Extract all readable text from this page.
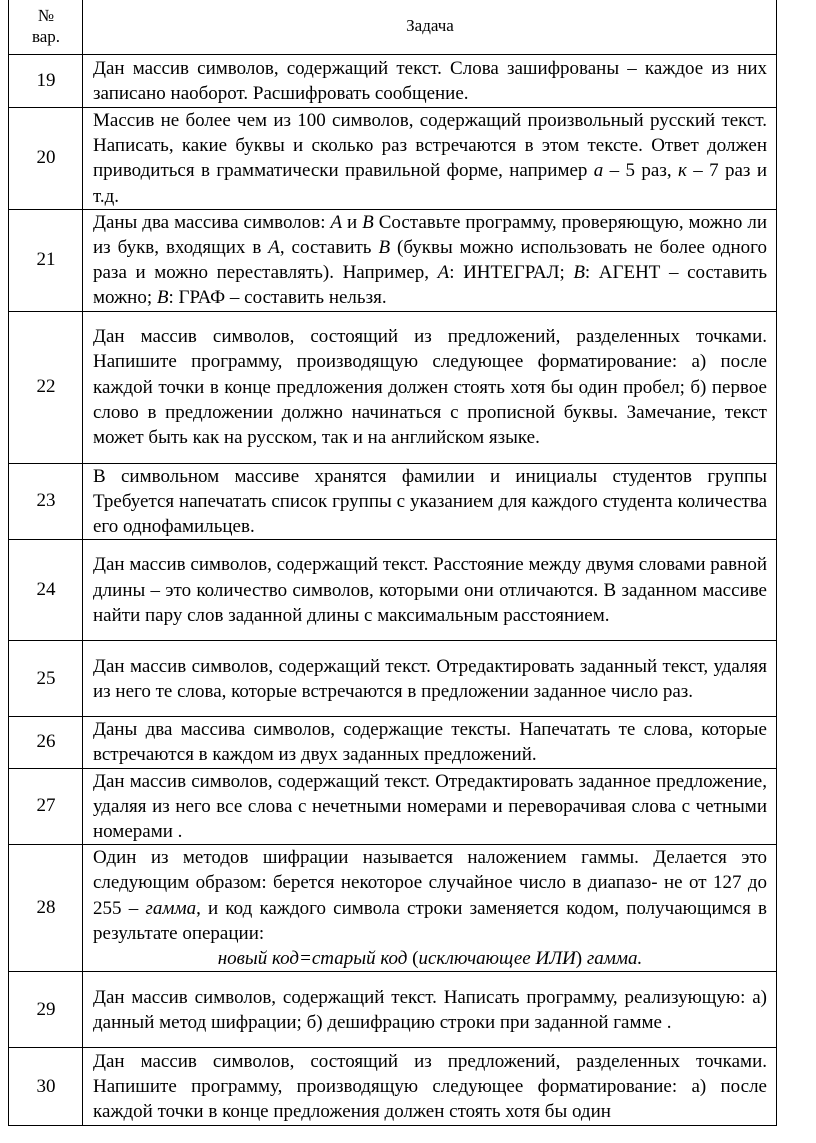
№
вар.	Задача
19	Дан массив символов, содержащий текст. Слова зашифрованы – каждое из них записано наоборот. Расшифровать сообщение.
20	Массив не более чем из 100 символов, содержащий произвольный русский текст. Написать, какие буквы и сколько раз встречаются в этом тексте. Ответ должен приводиться в грамматически правильной форме, например а – 5 раз, к – 7 раз и т.д.
21	Даны два массива символов: A и B Составьте программу, проверяющую, можно ли из букв, входящих в A, составить B (буквы можно использовать не более одного раза и можно переставлять). Например, A: ИНТЕГРАЛ; B: АГЕНТ – составить можно; B: ГРАФ – составить нельзя.
22	Дан массив символов, состоящий из предложений, разделенных точками. Напишите программу, производящую следующее форматирование: а) после каждой точки в конце предложения должен стоять хотя бы один пробел; б) первое слово в предложении должно начинаться с прописной буквы. Замечание, текст может быть как на русском, так и на английском языке.
23	В символьном массиве хранятся фамилии и инициалы студентов группы Требуется напечатать список группы с указанием для каждого студента количества его однофамильцев.
24	Дан массив символов, содержащий текст. Расстояние между двумя словами равной длины – это количество символов, которыми они отличаются. В заданном массиве найти пару слов заданной длины с максимальным расстоянием.
25	Дан массив символов, содержащий текст. Отредактировать заданный текст, удаляя из него те слова, которые встречаются в предложении заданное число раз.
26	Даны два массива символов, содержащие тексты. Напечатать те слова, которые встречаются в каждом из двух заданных предложений.
27	Дан массив символов, содержащий текст. Отредактировать заданное предложение, удаляя из него все слова с нечетными номерами и переворачивая слова с четными номерами .
28	Один из методов шифрации называется наложением гаммы. Делается это следующим образом: берется некоторое случайное число в диапазо- не от 127 до 255 – гамма, и код каждого символа строки заменяется кодом, получающимся в результате операции:

новый код=старый код (исключающее ИЛИ) гамма.

29	Дан массив символов, содержащий текст. Написать программу, реализующую: а) данный метод шифрации; б) дешифрацию строки при заданной гамме .
30	Дан массив символов, состоящий из предложений, разделенных точками. Напишите программу, производящую следующее форматирование: а) после каждой точки в конце предложения должен стоять хотя бы один
